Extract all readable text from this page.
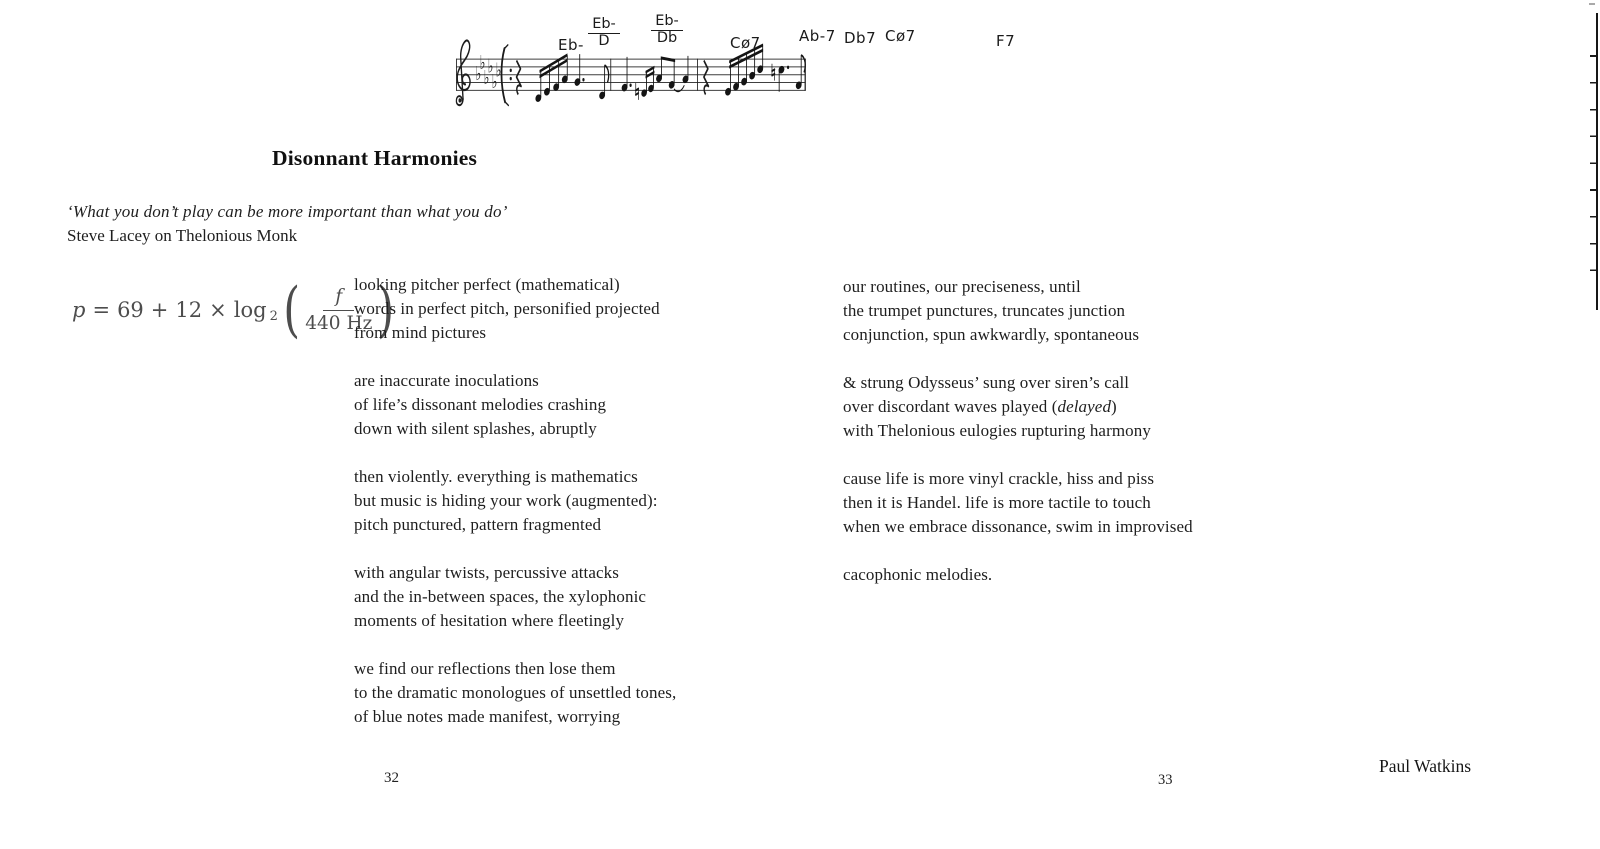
♭
♭
♭
♭
♭
♭
Eb-
Eb-
D
Eb-
Db	Cø7	Ab-7 Db7 Cø7	F7
Disonnant Harmonies
‘What you don’t play can be more important than what you do’
Steve Lacey on Thelonious Monk
$p = 69 + 12 \times \log_2$ ( $\frac{f}{440 Hz}$ )
looking pitcher perfect (mathematical)
words in perfect pitch, personified projected
from mind pictures
are inaccurate inoculations
of life’s dissonant melodies crashing
down with silent splashes, abruptly
then violently. everything is mathematics
but music is hiding your work (augmented):
pitch punctured, pattern fragmented
with angular twists, percussive attacks
and the in-between spaces, the xylophonic
moments of hesitation where fleetingly
we find our reflections then lose them
to the dramatic monologues of unsettled tones,
of blue notes made manifest, worrying
our routines, our preciseness, until
the trumpet punctures, truncates junction
conjunction, spun awkwardly, spontaneous
& strung Odysseus’ sung over siren’s call
over discordant waves played (delayed)
with Thelonious eulogies rupturing harmony
cause life is more vinyl crackle, hiss and piss
then it is Handel. life is more tactile to touch
when we embrace dissonance, swim in improvised
cacophonic melodies.
32	33
Paul Watkins
